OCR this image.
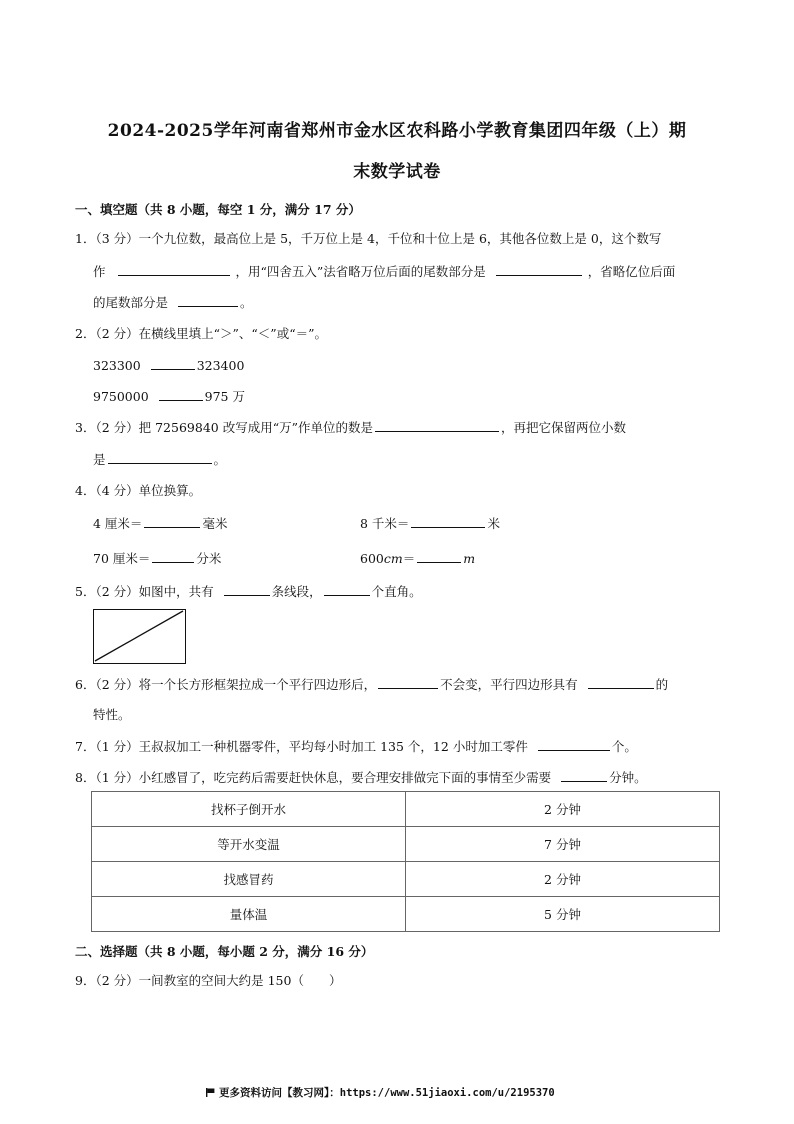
2024-2025学年河南省郑州市金水区农科路小学教育集团四年级（上）期
末数学试卷
一、填空题（共 8 小题，每空 1 分，满分 17 分）
1．（3 分）一个九位数，最高位上是 5，千万位上是 4，千位和十位上是 6，其他各位数上是 0，这个数写
作	，用“四舍五入”法省略万位后面的尾数部分是	，省略亿位后面
的尾数部分是	。
2．（2 分）在横线里填上“＞”、“＜”或“＝”。
323300	323400
9750000	975 万
3．（2 分）把 72569840 改写成用“万”作单位的数是	，再把它保留两位小数
是	。
4．（4 分）单位换算。
4 厘米＝	毫米	8 千米＝	米
70 厘米＝	分米	600cm＝	m
5．（2 分）如图中，共有	条线段，	个直角。
6．（2 分）将一个长方形框架拉成一个平行四边形后，	不会变，平行四边形具有	的
特性。
7．（1 分）王叔叔加工一种机器零件，平均每小时加工 135 个，12 小时加工零件	个。
8．（1 分）小红感冒了，吃完药后需要赶快休息，要合理安排做完下面的事情至少需要	分钟。
找杯子倒开水	2 分钟
等开水变温	7 分钟
找感冒药	2 分钟
量体温	5 分钟
二、选择题（共 8 小题，每小题 2 分，满分 16 分）
9．（2 分）一间教室的空间大约是 150（　　）
更多资料访问【教习网】：https://www.51jiaoxi.com/u/2195370
